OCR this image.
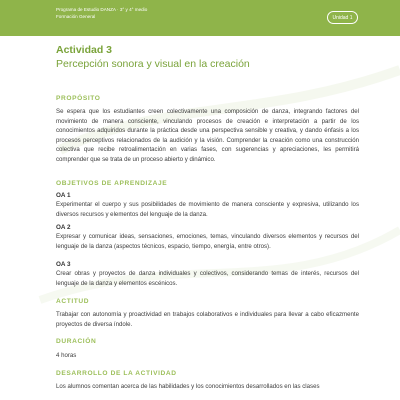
Programa de Estudio DANZA · 3° y 4° medio
Formación General	Unidad 1
Actividad 3
Percepción sonora y visual en la creación
PROPÓSITO
Se espera que los estudiantes creen colectivamente una composición de danza, integrando factores del movimiento de manera consciente, vinculando procesos de creación e interpretación a partir de los conocimientos adquiridos durante la práctica desde una perspectiva sensible y creativa, y dando énfasis a los procesos perceptivos relacionados de la audición y la visión. Comprender la creación como una construcción colectiva que recibe retroalimentación en varias fases, con sugerencias y apreciaciones, les permitirá comprender que se trata de un proceso abierto y dinámico.
OBJETIVOS DE APRENDIZAJE
OA 1
Experimentar el cuerpo y sus posibilidades de movimiento de manera consciente y expresiva, utilizando los diversos recursos y elementos del lenguaje de la danza.
OA 2
Expresar y comunicar ideas, sensaciones, emociones, temas, vinculando diversos elementos y recursos del lenguaje de la danza (aspectos técnicos, espacio, tiempo, energía, entre otros).
OA 3
Crear obras y proyectos de danza individuales y colectivos, considerando temas de interés, recursos del lenguaje de la danza y elementos escénicos.
ACTITUD
Trabajar con autonomía y proactividad en trabajos colaborativos e individuales para llevar a cabo eficazmente proyectos de diversa índole.
DURACIÓN
4 horas
DESARROLLO DE LA ACTIVIDAD
Los alumnos comentan acerca de las habilidades y los conocimientos desarrollados en las clases
